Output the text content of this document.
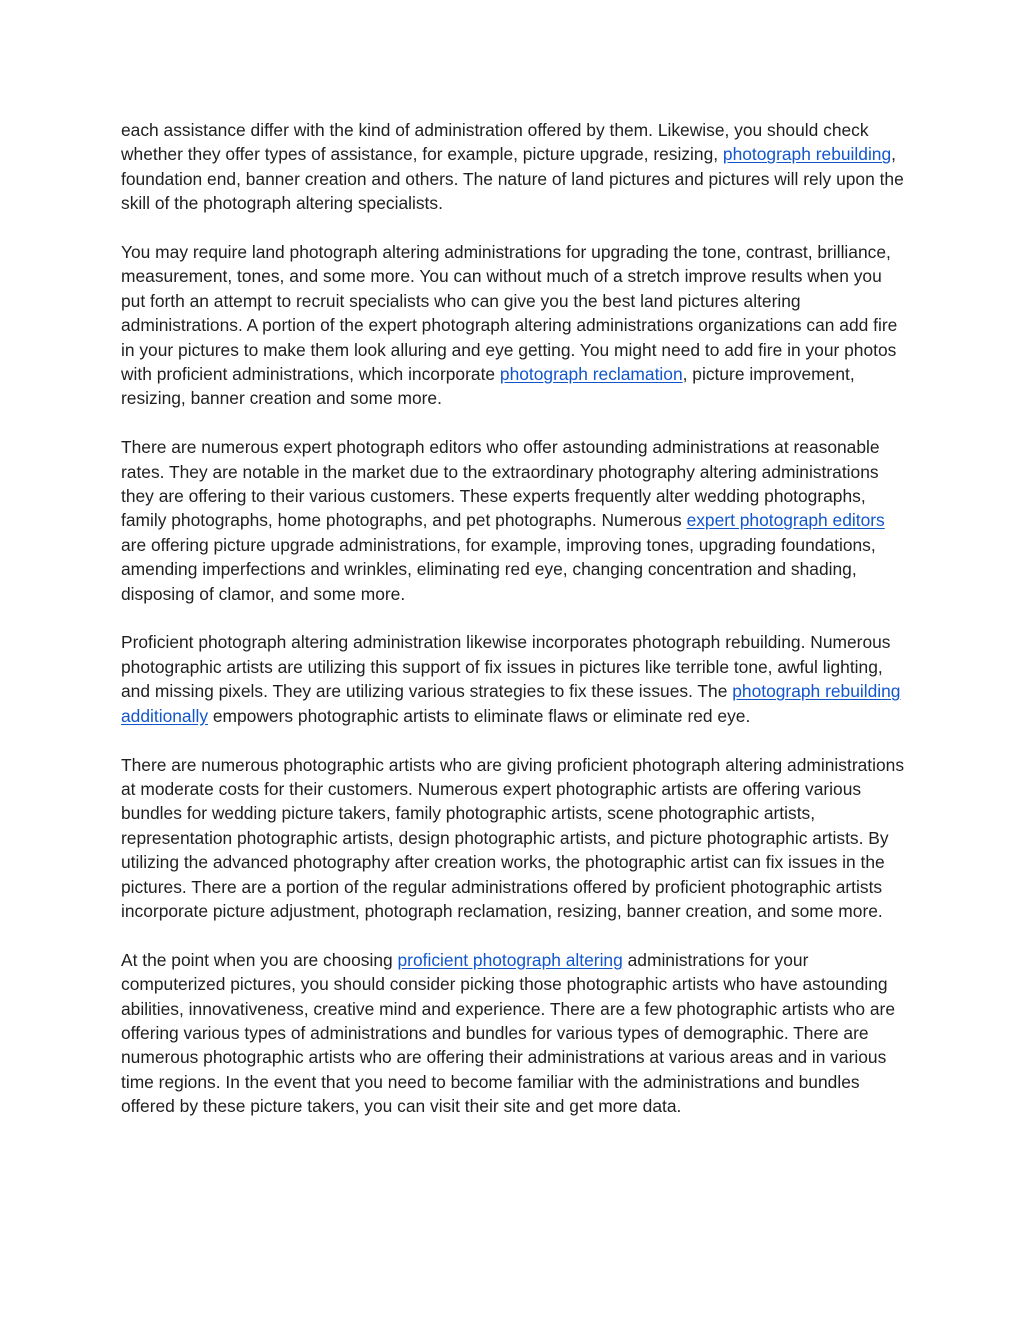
each assistance differ with the kind of administration offered by them. Likewise, you should check whether they offer types of assistance, for example, picture upgrade, resizing, photograph rebuilding, foundation end, banner creation and others. The nature of land pictures and pictures will rely upon the skill of the photograph altering specialists.

You may require land photograph altering administrations for upgrading the tone, contrast, brilliance, measurement, tones, and some more. You can without much of a stretch improve results when you put forth an attempt to recruit specialists who can give you the best land pictures altering administrations. A portion of the expert photograph altering administrations organizations can add fire in your pictures to make them look alluring and eye getting. You might need to add fire in your photos with proficient administrations, which incorporate photograph reclamation, picture improvement, resizing, banner creation and some more.

There are numerous expert photograph editors who offer astounding administrations at reasonable rates. They are notable in the market due to the extraordinary photography altering administrations they are offering to their various customers. These experts frequently alter wedding photographs, family photographs, home photographs, and pet photographs. Numerous expert photograph editors are offering picture upgrade administrations, for example, improving tones, upgrading foundations, amending imperfections and wrinkles, eliminating red eye, changing concentration and shading, disposing of clamor, and some more.

Proficient photograph altering administration likewise incorporates photograph rebuilding. Numerous photographic artists are utilizing this support of fix issues in pictures like terrible tone, awful lighting, and missing pixels. They are utilizing various strategies to fix these issues. The photograph rebuilding additionally empowers photographic artists to eliminate flaws or eliminate red eye.

There are numerous photographic artists who are giving proficient photograph altering administrations at moderate costs for their customers. Numerous expert photographic artists are offering various bundles for wedding picture takers, family photographic artists, scene photographic artists, representation photographic artists, design photographic artists, and picture photographic artists. By utilizing the advanced photography after creation works, the photographic artist can fix issues in the pictures. There are a portion of the regular administrations offered by proficient photographic artists incorporate picture adjustment, photograph reclamation, resizing, banner creation, and some more.

At the point when you are choosing proficient photograph altering administrations for your computerized pictures, you should consider picking those photographic artists who have astounding abilities, innovativeness, creative mind and experience. There are a few photographic artists who are offering various types of administrations and bundles for various types of demographic. There are numerous photographic artists who are offering their administrations at various areas and in various time regions. In the event that you need to become familiar with the administrations and bundles offered by these picture takers, you can visit their site and get more data.
